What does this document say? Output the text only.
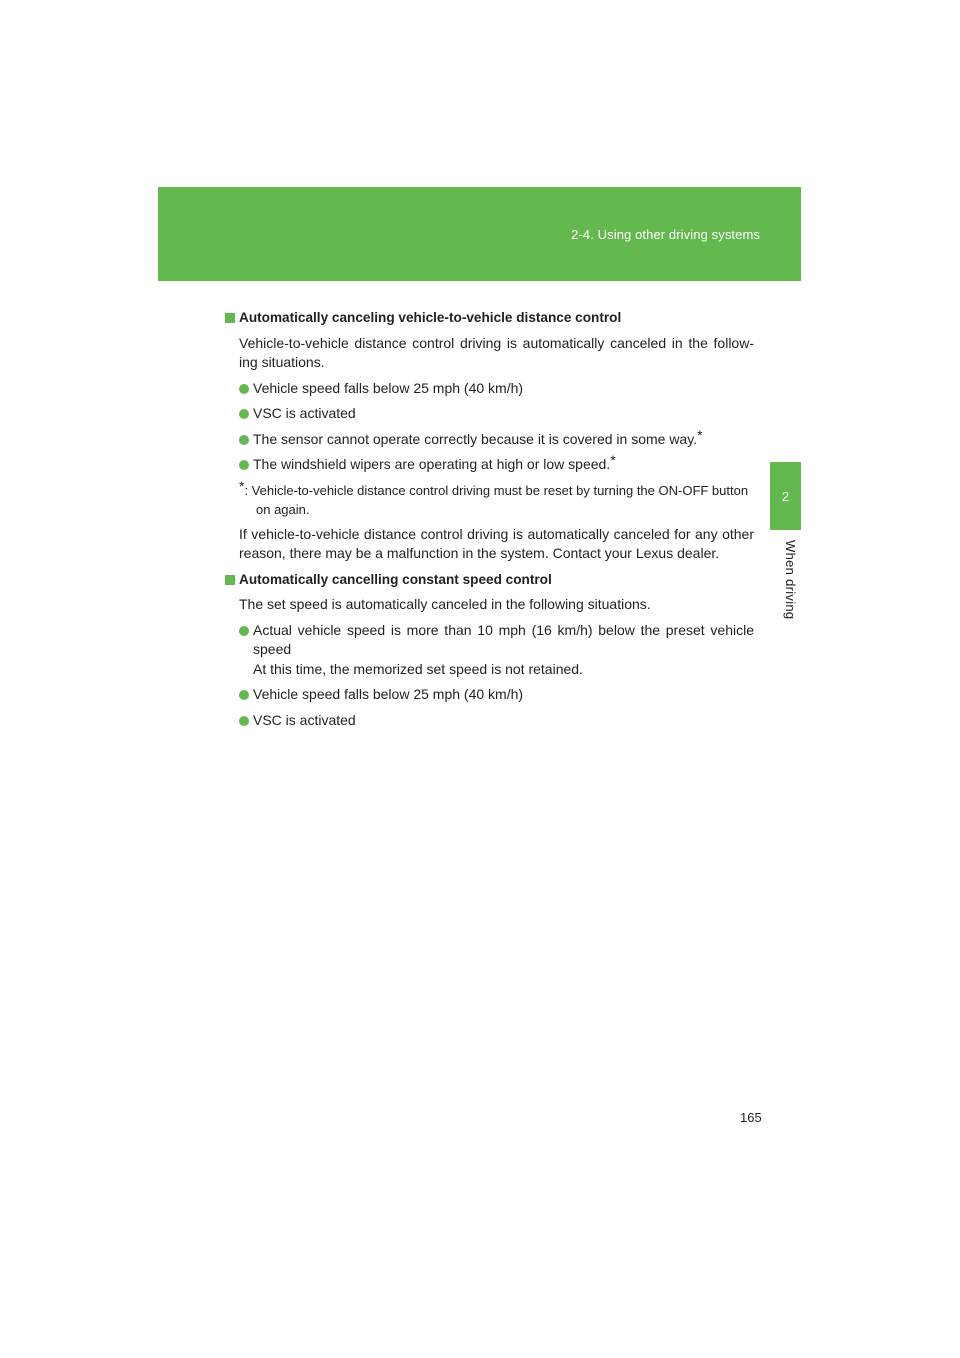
2-4. Using other driving systems
2
When driving
Automatically canceling vehicle-to-vehicle distance control

Vehicle-to-vehicle distance control driving is automatically canceled in the follow-ing situations.

Vehicle speed falls below 25 mph (40 km/h)
VSC is activated
The sensor cannot operate correctly because it is covered in some way.*
The windshield wipers are operating at high or low speed.*
*: Vehicle-to-vehicle distance control driving must be reset by turning the ON-OFF button on again.

If vehicle-to-vehicle distance control driving is automatically canceled for any other reason, there may be a malfunction in the system. Contact your Lexus dealer.

Automatically cancelling constant speed control

The set speed is automatically canceled in the following situations.

Actual vehicle speed is more than 10 mph (16 km/h) below the preset vehicle speed
At this time, the memorized set speed is not retained.
Vehicle speed falls below 25 mph (40 km/h)
VSC is activated
165
